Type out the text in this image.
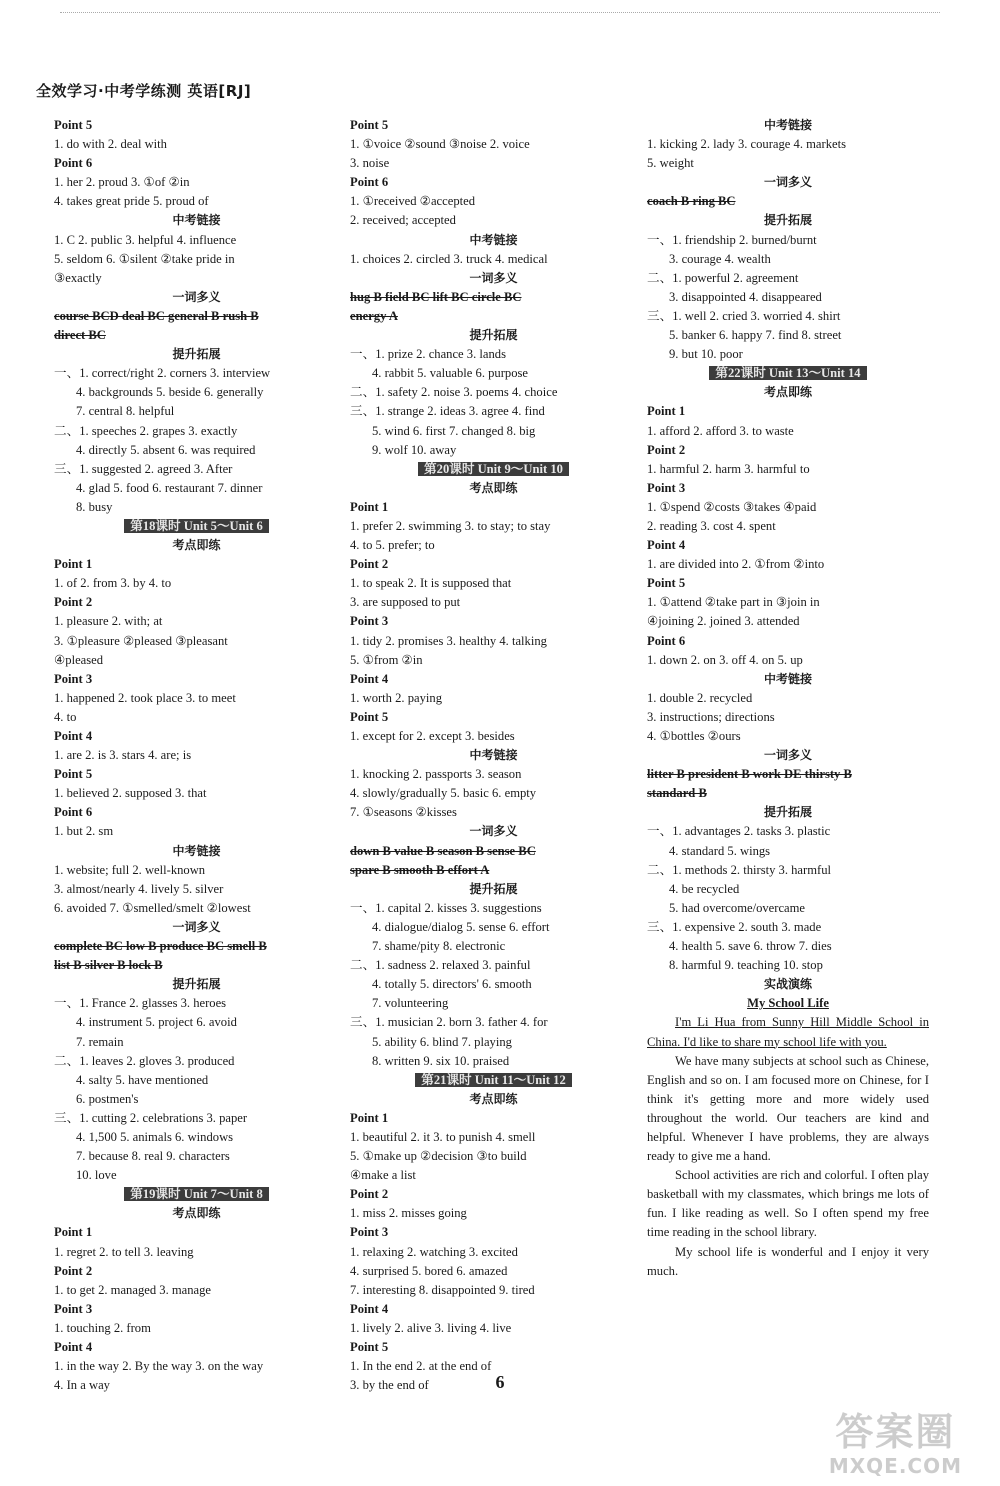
全效学习·中考学练测 英语[RJ]
Point 5
1. do with 2. deal with
Point 6
1. her 2. proud 3. ①of ②in
4. takes great pride 5. proud of
中考链接
1. C 2. public 3. helpful 4. influence
5. seldom 6. ①silent ②take pride in
③exactly
一词多义
course BCD deal BC general B rush B
direct BC
提升拓展
一、1. correct/right 2. corners 3. interview
4. backgrounds 5. beside 6. generally
7. central 8. helpful
二、1. speeches 2. grapes 3. exactly
4. directly 5. absent 6. was required
三、1. suggested 2. agreed 3. After
4. glad 5. food 6. restaurant 7. dinner
8. busy
第18课时 Unit 5～Unit 6
考点即练
Point 1
1. of 2. from 3. by 4. to
Point 2
1. pleasure 2. with; at
3. ①pleasure ②pleased ③pleasant
④pleased
Point 3
1. happened 2. took place 3. to meet
4. to
Point 4
1. are 2. is 3. stars 4. are; is
Point 5
1. believed 2. supposed 3. that
Point 6
1. but 2. sm
中考链接
1. website; full 2. well-known
3. almost/nearly 4. lively 5. silver
6. avoided 7. ①smelled/smelt ②lowest
一词多义
complete BC low B produce BC smell B
list B silver B lock B
提升拓展
一、1. France 2. glasses 3. heroes
4. instrument 5. project 6. avoid
7. remain
二、1. leaves 2. gloves 3. produced
4. salty 5. have mentioned
6. postmen's
三、1. cutting 2. celebrations 3. paper
4. 1,500 5. animals 6. windows
7. because 8. real 9. characters
10. love
第19课时 Unit 7～Unit 8
考点即练
Point 1
1. regret 2. to tell 3. leaving
Point 2
1. to get 2. managed 3. manage
Point 3
1. touching 2. from
Point 4
1. in the way 2. By the way 3. on the way
4. In a way
Point 5
1. ①voice ②sound ③noise 2. voice
3. noise
Point 6
1. ①received ②accepted
2. received; accepted
中考链接
1. choices 2. circled 3. truck 4. medical
一词多义
hug B field BC lift BC circle BC
energy A
提升拓展
一、1. prize 2. chance 3. lands
4. rabbit 5. valuable 6. purpose
二、1. safety 2. noise 3. poems 4. choice
三、1. strange 2. ideas 3. agree 4. find
5. wind 6. first 7. changed 8. big
9. wolf 10. away
第20课时 Unit 9～Unit 10
考点即练
Point 1
1. prefer 2. swimming 3. to stay; to stay
4. to 5. prefer; to
Point 2
1. to speak 2. It is supposed that
3. are supposed to put
Point 3
1. tidy 2. promises 3. healthy 4. talking
5. ①from ②in
Point 4
1. worth 2. paying
Point 5
1. except for 2. except 3. besides
中考链接
1. knocking 2. passports 3. season
4. slowly/gradually 5. basic 6. empty
7. ①seasons ②kisses
一词多义
down B value B season B sense BC
spare B smooth B effort A
提升拓展
一、1. capital 2. kisses 3. suggestions
4. dialogue/dialog 5. sense 6. effort
7. shame/pity 8. electronic
二、1. sadness 2. relaxed 3. painful
4. totally 5. directors' 6. smooth
7. volunteering
三、1. musician 2. born 3. father 4. for
5. ability 6. blind 7. playing
8. written 9. six 10. praised
第21课时 Unit 11～Unit 12
考点即练
Point 1
1. beautiful 2. it 3. to punish 4. smell
5. ①make up ②decision ③to build
④make a list
Point 2
1. miss 2. misses going
Point 3
1. relaxing 2. watching 3. excited
4. surprised 5. bored 6. amazed
7. interesting 8. disappointed 9. tired
Point 4
1. lively 2. alive 3. living 4. live
Point 5
1. In the end 2. at the end of
3. by the end of
中考链接
1. kicking 2. lady 3. courage 4. markets
5. weight
一词多义
coach B ring BC
提升拓展
一、1. friendship 2. burned/burnt
3. courage 4. wealth
二、1. powerful 2. agreement
3. disappointed 4. disappeared
三、1. well 2. cried 3. worried 4. shirt
5. banker 6. happy 7. find 8. street
9. but 10. poor
第22课时 Unit 13～Unit 14
考点即练
Point 1
1. afford 2. afford 3. to waste
Point 2
1. harmful 2. harm 3. harmful to
Point 3
1. ①spend ②costs ③takes ④paid
2. reading 3. cost 4. spent
Point 4
1. are divided into 2. ①from ②into
Point 5
1. ①attend ②take part in ③join in
④joining 2. joined 3. attended
Point 6
1. down 2. on 3. off 4. on 5. up
中考链接
1. double 2. recycled
3. instructions; directions
4. ①bottles ②ours
一词多义
litter B president B work DE thirsty B
standard B
提升拓展
一、1. advantages 2. tasks 3. plastic
4. standard 5. wings
二、1. methods 2. thirsty 3. harmful
4. be recycled
5. had overcome/overcame
三、1. expensive 2. south 3. made
4. health 5. save 6. throw 7. dies
8. harmful 9. teaching 10. stop
实战演练
My School Life
I'm Li Hua from Sunny Hill Middle School in China. I'd like to share my school life with you.
We have many subjects at school such as Chinese, English and so on. I am focused more on Chinese, for I think it's getting more and more widely used throughout the world. Our teachers are kind and helpful. Whenever I have problems, they are always ready to give me a hand.
School activities are rich and colorful. I often play basketball with my classmates, which brings me lots of fun. I like reading as well. So I often spend my free time reading in the school library.
My school life is wonderful and I enjoy it very much.
6
答案圈
MXQE.COM
